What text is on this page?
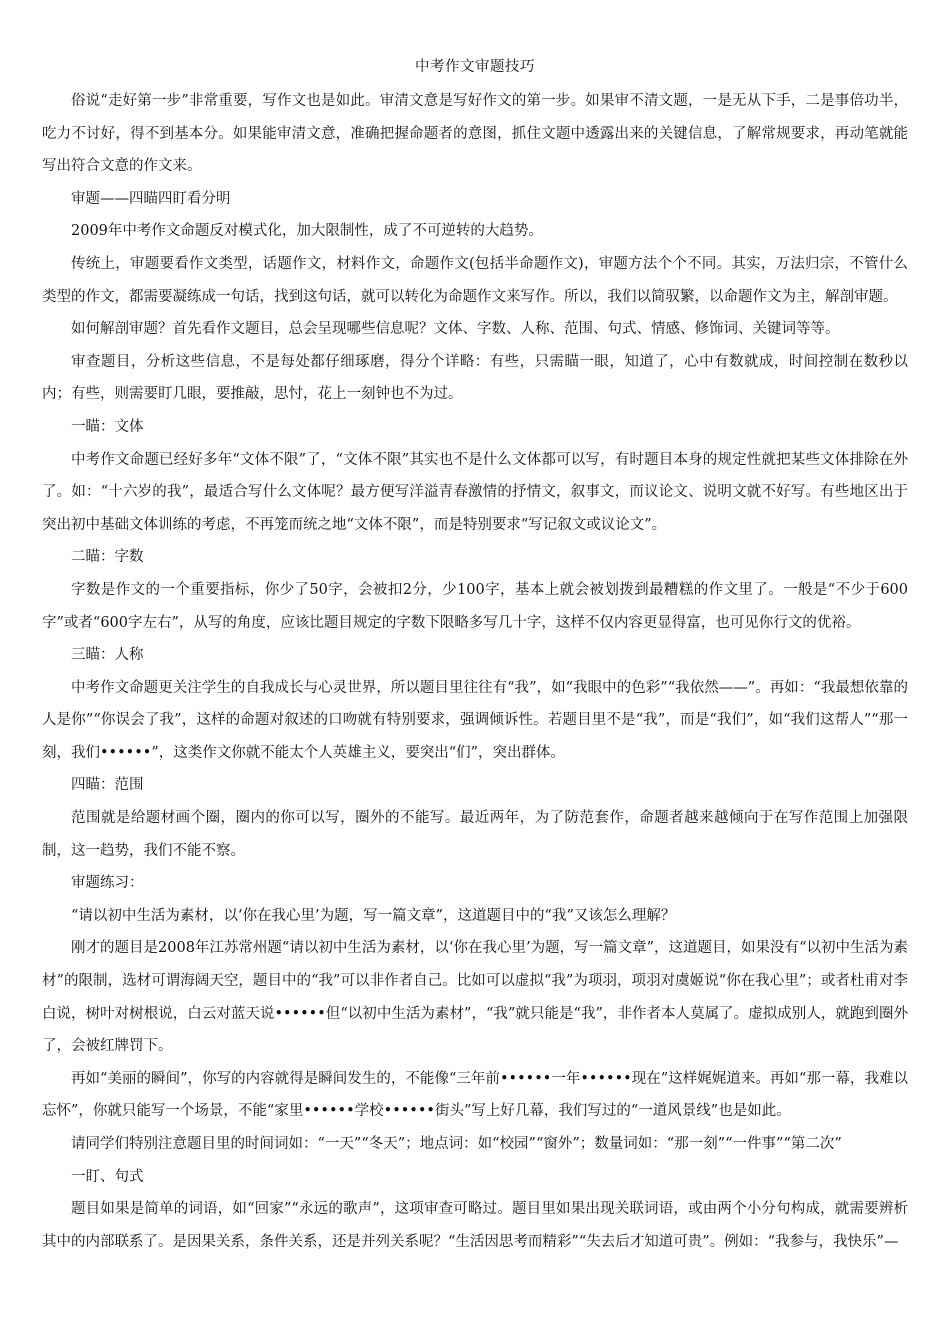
中考作文审题技巧

俗说“走好第一步”非常重要，写作文也是如此。审清文意是写好作文的第一步。如果审不清文题，一是无从下手，二是事倍功半，吃力不讨好，得不到基本分。如果能审清文意，准确把握命题者的意图，抓住文题中透露出来的关键信息，了解常规要求，再动笔就能写出符合文意的作文来。

审题——四瞄四盯看分明

2009年中考作文命题反对模式化，加大限制性，成了不可逆转的大趋势。

传统上，审题要看作文类型，话题作文，材料作文，命题作文(包括半命题作文)，审题方法个个不同。其实，万法归宗，不管什么类型的作文，都需要凝练成一句话，找到这句话，就可以转化为命题作文来写作。所以，我们以简驭繁，以命题作文为主，解剖审题。

如何解剖审题？首先看作文题目，总会呈现哪些信息呢？文体、字数、人称、范围、句式、情感、修饰词、关键词等等。

审查题目，分析这些信息，不是每处都仔细琢磨，得分个详略：有些，只需瞄一眼，知道了，心中有数就成，时间控制在数秒以内；有些，则需要盯几眼，要推敲，思忖，花上一刻钟也不为过。

一瞄：文体

中考作文命题已经好多年“文体不限”了，“文体不限”其实也不是什么文体都可以写，有时题目本身的规定性就把某些文体排除在外了。如：“十六岁的我”，最适合写什么文体呢？最方便写洋溢青春激情的抒情文，叙事文，而议论文、说明文就不好写。有些地区出于突出初中基础文体训练的考虑，不再笼而统之地“文体不限”，而是特别要求“写记叙文或议论文”。

二瞄：字数

字数是作文的一个重要指标，你少了50字，会被扣2分，少100字，基本上就会被划拨到最糟糕的作文里了。一般是“不少于600字”或者“600字左右”，从写的角度，应该比题目规定的字数下限略多写几十字，这样不仅内容更显得富，也可见你行文的优裕。

三瞄：人称

中考作文命题更关注学生的自我成长与心灵世界，所以题目里往往有“我”，如“我眼中的色彩”“我依然——”。再如：“我最想依靠的人是你”“你误会了我”，这样的命题对叙述的口吻就有特别要求，强调倾诉性。若题目里不是“我”，而是“我们”，如“我们这帮人”“那一刻，我们••••••”，这类作文你就不能太个人英雄主义，要突出“们”，突出群体。

四瞄：范围

范围就是给题材画个圈，圈内的你可以写，圈外的不能写。最近两年，为了防范套作，命题者越来越倾向于在写作范围上加强限制，这一趋势，我们不能不察。

审题练习：

“请以初中生活为素材，以‘你在我心里’为题，写一篇文章”，这道题目中的“我”又该怎么理解？

刚才的题目是2008年江苏常州题“请以初中生活为素材，以‘你在我心里’为题，写一篇文章”，这道题目，如果没有“以初中生活为素材”的限制，选材可谓海阔天空，题目中的“我”可以非作者自己。比如可以虚拟“我”为项羽，项羽对虞姬说“你在我心里”；或者杜甫对李白说，树叶对树根说，白云对蓝天说••••••但“以初中生活为素材”，“我”就只能是“我”，非作者本人莫属了。虚拟成别人，就跑到圈外了，会被红牌罚下。

再如“美丽的瞬间”，你写的内容就得是瞬间发生的，不能像“三年前••••••一年••••••现在”这样娓娓道来。再如“那一幕，我难以忘怀”，你就只能写一个场景，不能“家里••••••学校••••••街头”写上好几幕，我们写过的“一道风景线”也是如此。

请同学们特别注意题目里的时间词如：“一天”“冬天”；地点词：如“校园”“窗外”；数量词如：“那一刻”“一件事”“第二次”

一盯、句式

题目如果是简单的词语，如“回家”“永远的歌声”，这项审查可略过。题目里如果出现关联词语，或由两个小分句构成，就需要辨析其中的内部联系了。是因果关系，条件关系，还是并列关系呢？“生活因思考而精彩”“失去后才知道可贵”。例如：“我参与，我快乐”—
